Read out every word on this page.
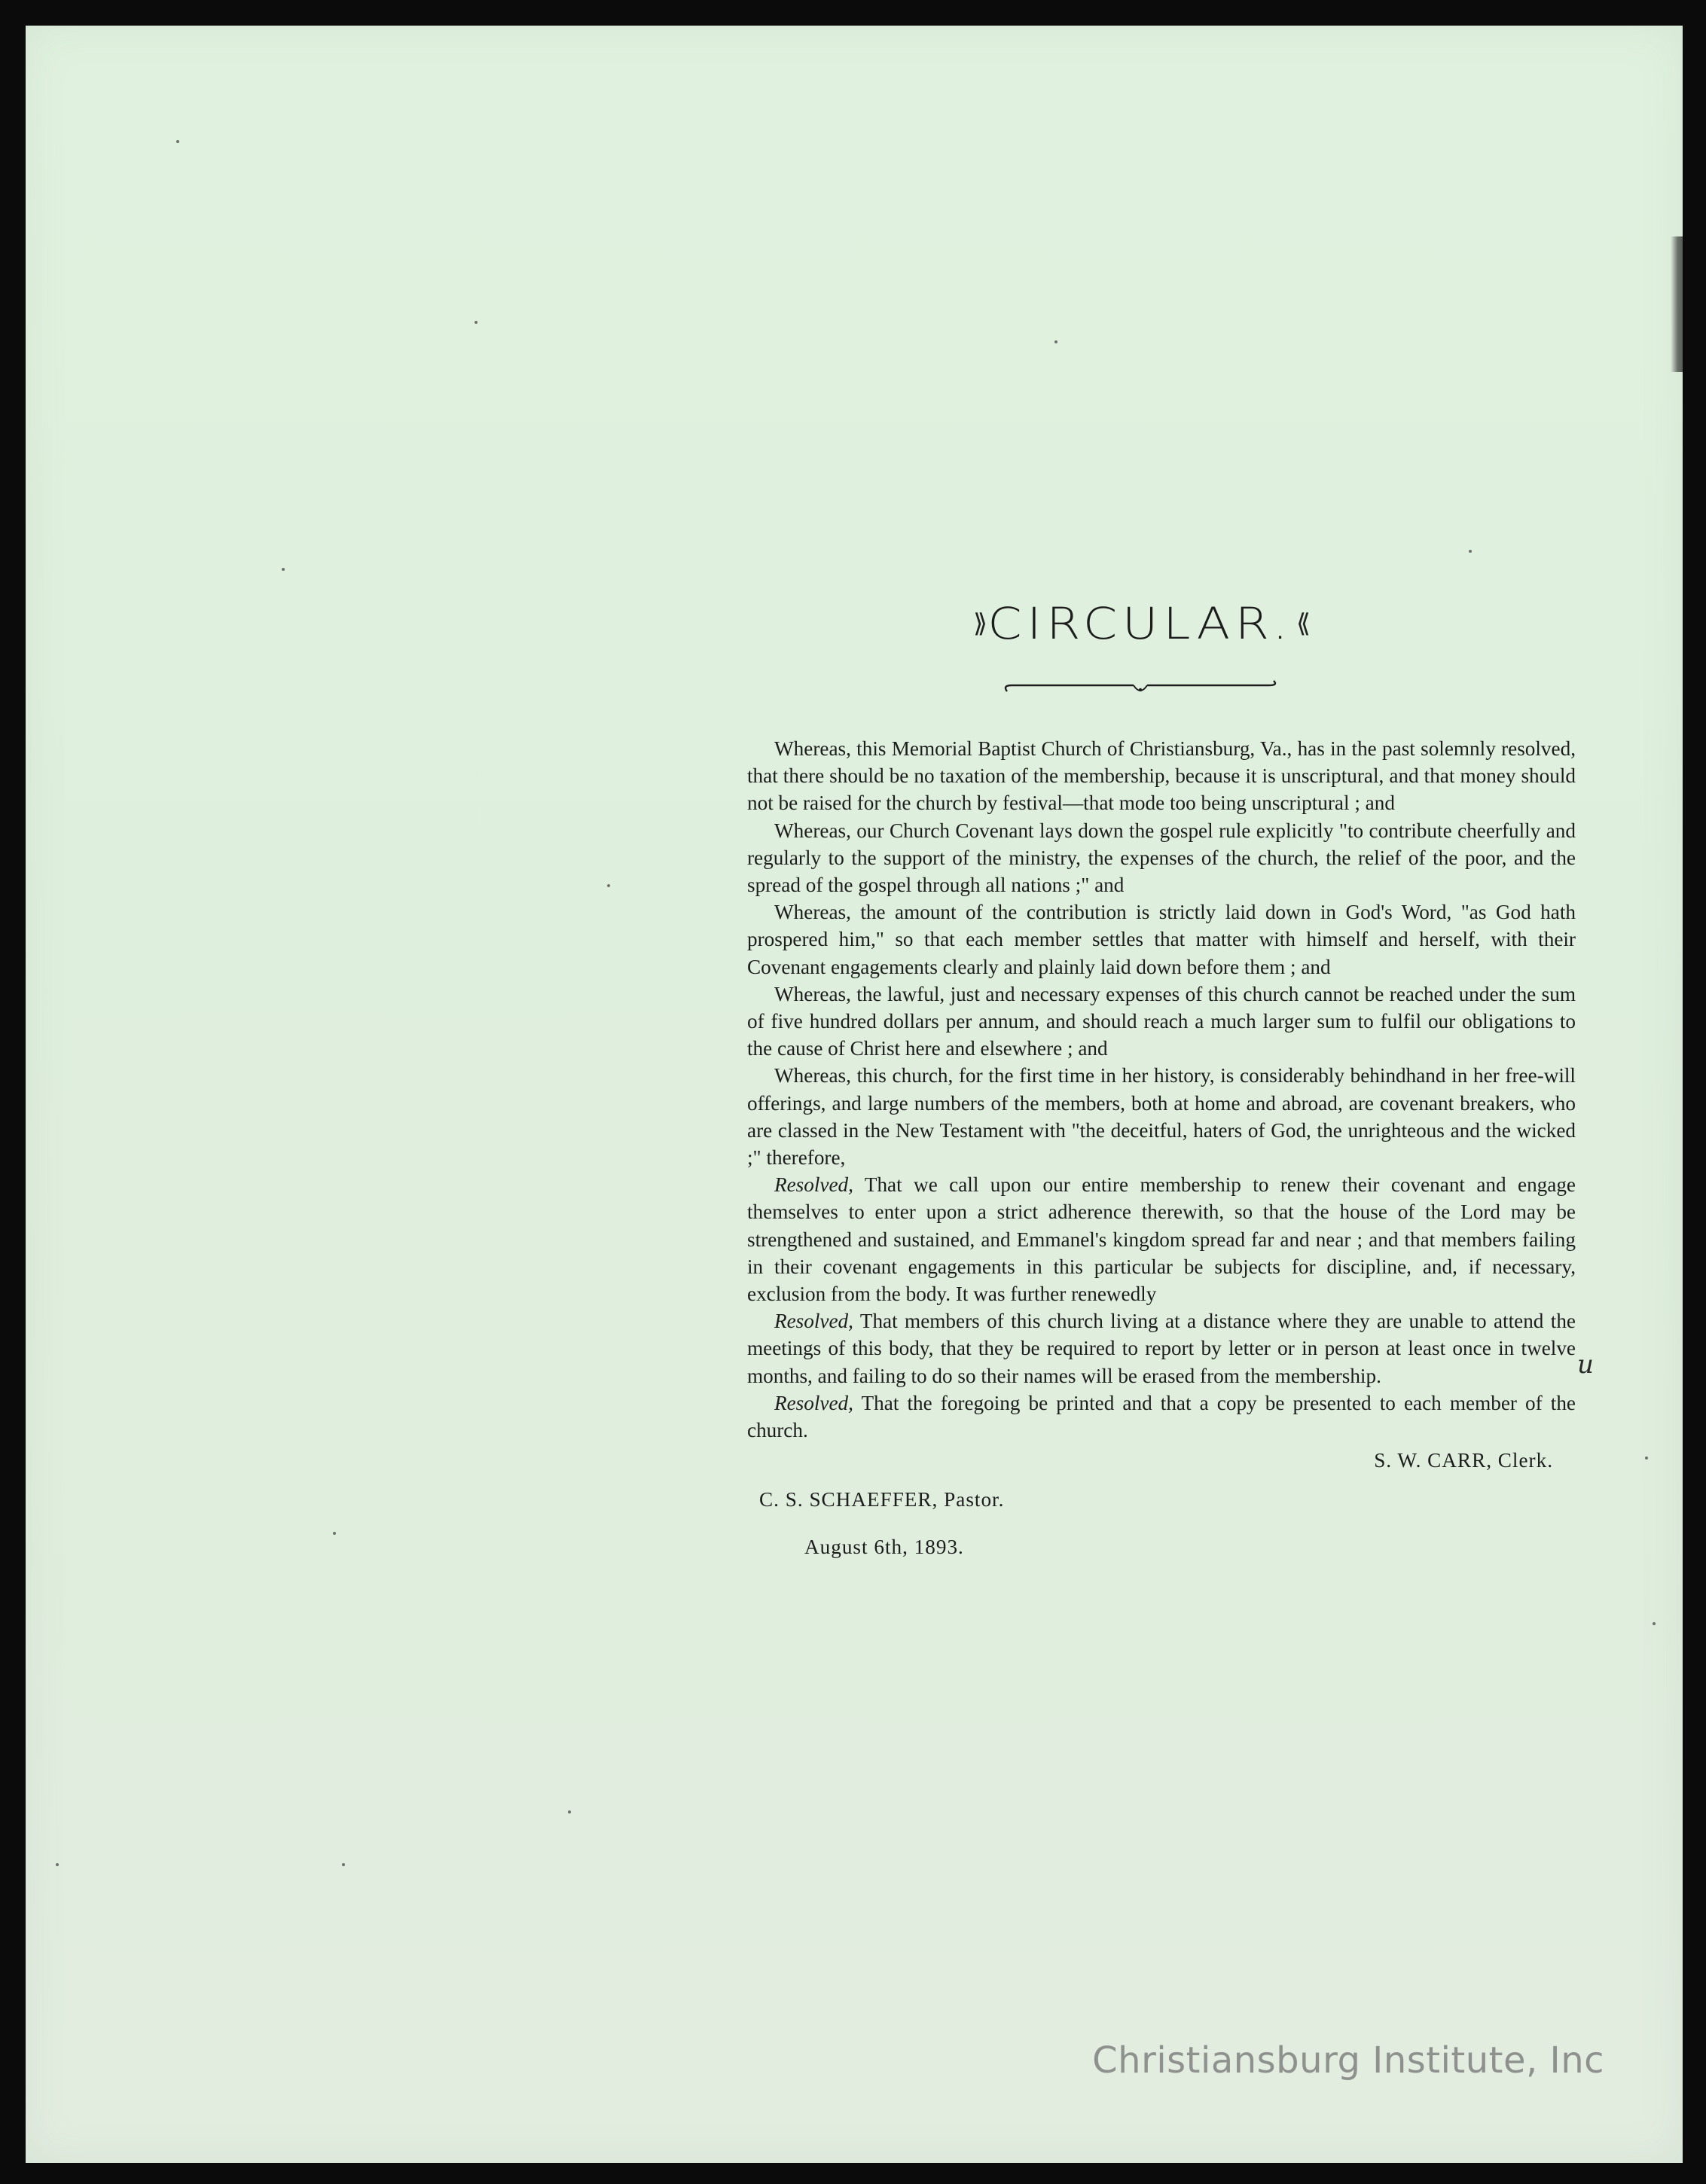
⟫ CIRCULAR. ⟪

Whereas, this Memorial Baptist Church of Christiansburg, Va., has in the past solemnly resolved, that there should be no taxation of the membership, because it is unscriptural, and that money should not be raised for the church by festival—that mode too being unscriptural ; and

Whereas, our Church Covenant lays down the gospel rule explicitly "to contribute cheerfully and regularly to the support of the ministry, the expenses of the church, the relief of the poor, and the spread of the gospel through all nations ;" and

Whereas, the amount of the contribution is strictly laid down in God's Word, "as God hath prospered him," so that each member settles that matter with himself and herself, with their Covenant engagements clearly and plainly laid down before them ; and

Whereas, the lawful, just and necessary expenses of this church cannot be reached under the sum of five hundred dollars per annum, and should reach a much larger sum to fulfil our obligations to the cause of Christ here and elsewhere ; and

Whereas, this church, for the first time in her history, is considerably behindhand in her free-will offerings, and large numbers of the members, both at home and abroad, are covenant breakers, who are classed in the New Testament with "the deceitful, haters of God, the unrighteous and the wicked ;" therefore,

Resolved, That we call upon our entire membership to renew their covenant and engage themselves to enter upon a strict adherence therewith, so that the house of the Lord may be strengthened and sustained, and Emmanel's kingdom spread far and near ; and that members failing in their covenant engagements in this particular be subjects for discipline, and, if necessary, exclusion from the body. It was further renewedly

Resolved, That members of this church living at a distance where they are unable to attend the meetings of this body, that they be required to report by letter or in person at least once in twelve months, and failing to do so their names will be erased from the membership.

Resolved, That the foregoing be printed and that a copy be presented to each member of the church.

S. W. CARR, Clerk.

C. S. SCHAEFFER, Pastor.

August 6th, 1893.

u
Christiansburg Institute, Inc
